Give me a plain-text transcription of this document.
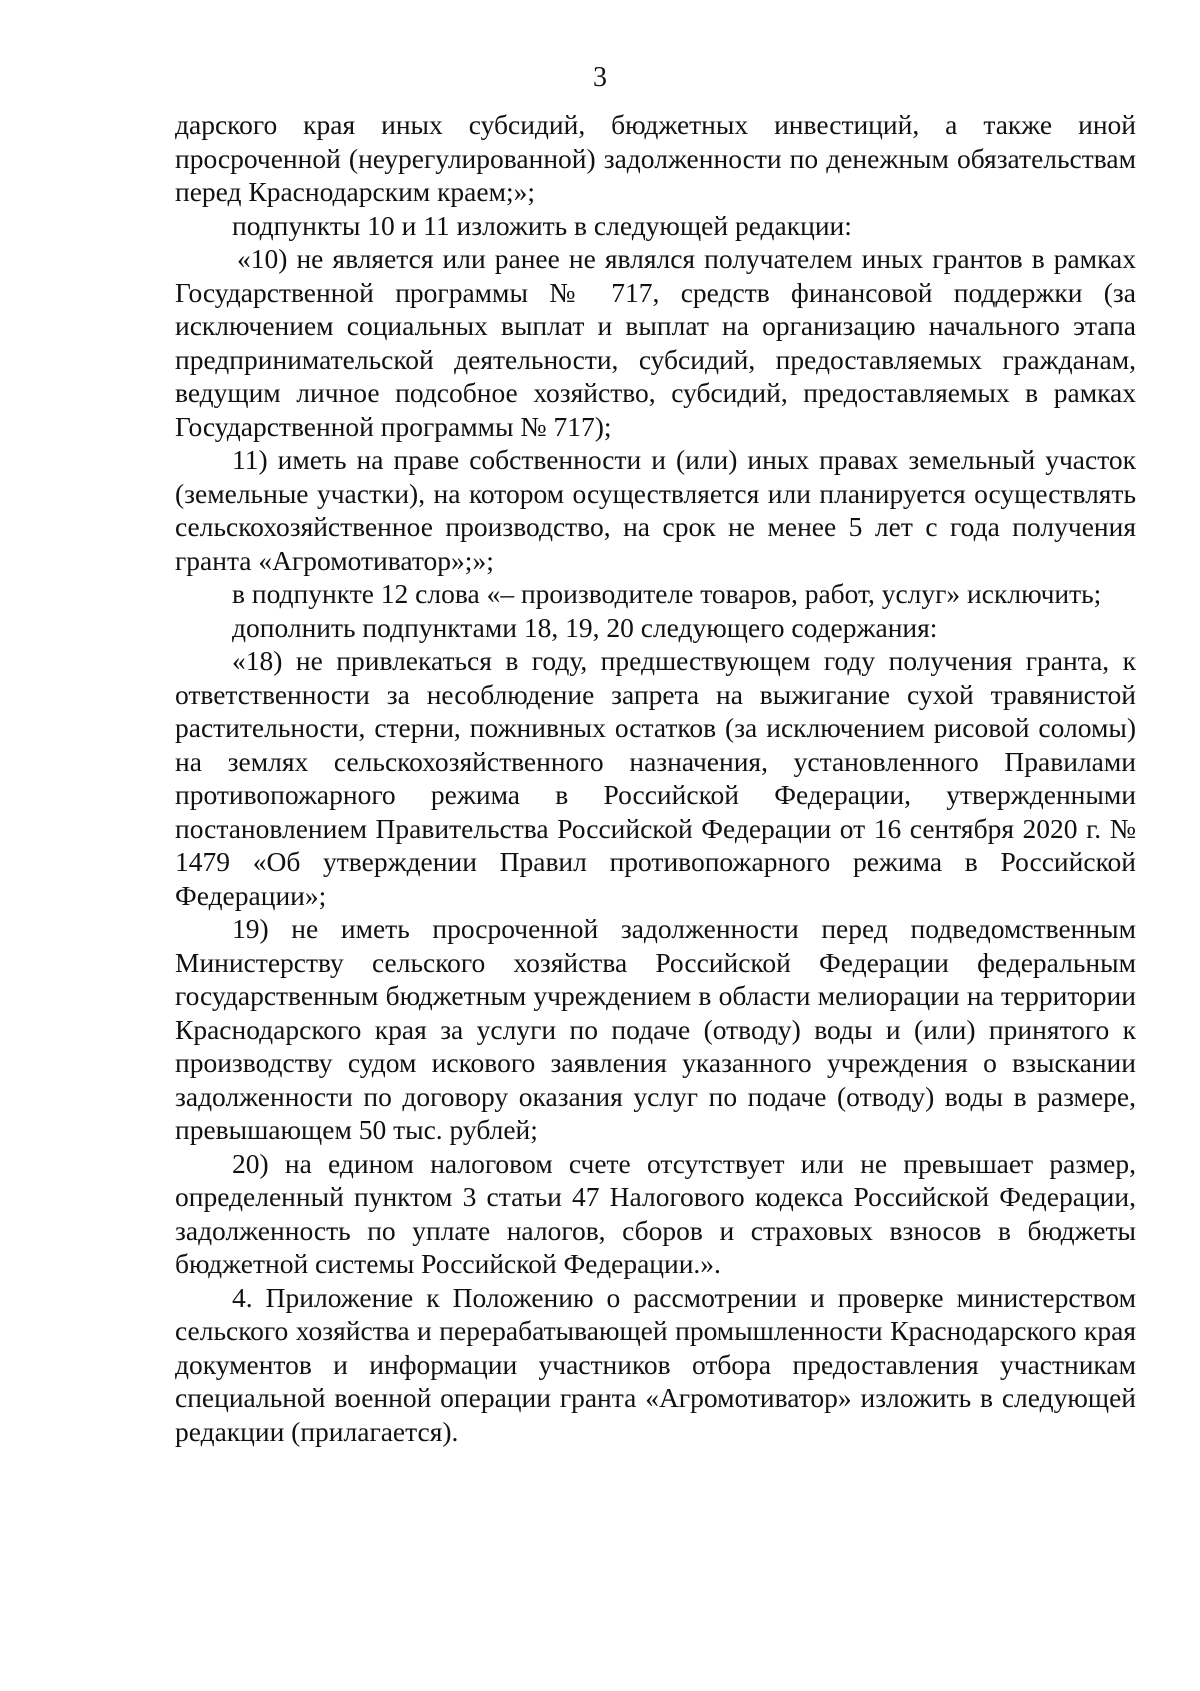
3

дарского края иных субсидий, бюджетных инвестиций, а также иной просроченной (неурегулированной) задолженности по денежным обязательствам перед Краснодарским краем;»;

подпункты 10 и 11 изложить в следующей редакции:

«10) не является или ранее не являлся получателем иных грантов в рамках Государственной программы № 717, средств финансовой поддержки (за исключением социальных выплат и выплат на организацию начального этапа предпринимательской деятельности, субсидий, предоставляемых гражданам, ведущим личное подсобное хозяйство, субсидий, предоставляемых в рамках Государственной программы № 717);

11) иметь на праве собственности и (или) иных правах земельный участок (земельные участки), на котором осуществляется или планируется осуществлять сельскохозяйственное производство, на срок не менее 5 лет с года получения гранта «Агромотиватор»;»;

в подпункте 12 слова «– производителе товаров, работ, услуг» исключить;

дополнить подпунктами 18, 19, 20 следующего содержания:

«18) не привлекаться в году, предшествующем году получения гранта, к ответственности за несоблюдение запрета на выжигание сухой травянистой растительности, стерни, пожнивных остатков (за исключением рисовой соломы) на землях сельскохозяйственного назначения, установленного Правилами противопожарного режима в Российской Федерации, утвержденными постановлением Правительства Российской Федерации от 16 сентября 2020 г. № 1479 «Об утверждении Правил противопожарного режима в Российской Федерации»;

19) не иметь просроченной задолженности перед подведомственным Министерству сельского хозяйства Российской Федерации федеральным государственным бюджетным учреждением в области мелиорации на территории Краснодарского края за услуги по подаче (отводу) воды и (или) принятого к производству судом искового заявления указанного учреждения о взыскании задолженности по договору оказания услуг по подаче (отводу) воды в размере, превышающем 50 тыс. рублей;

20) на едином налоговом счете отсутствует или не превышает размер, определенный пунктом 3 статьи 47 Налогового кодекса Российской Федерации, задолженность по уплате налогов, сборов и страховых взносов в бюджеты бюджетной системы Российской Федерации.».

4. Приложение к Положению о рассмотрении и проверке министерством сельского хозяйства и перерабатывающей промышленности Краснодарского края документов и информации участников отбора предоставления участникам специальной военной операции гранта «Агромотиватор» изложить в следующей редакции (прилагается).
